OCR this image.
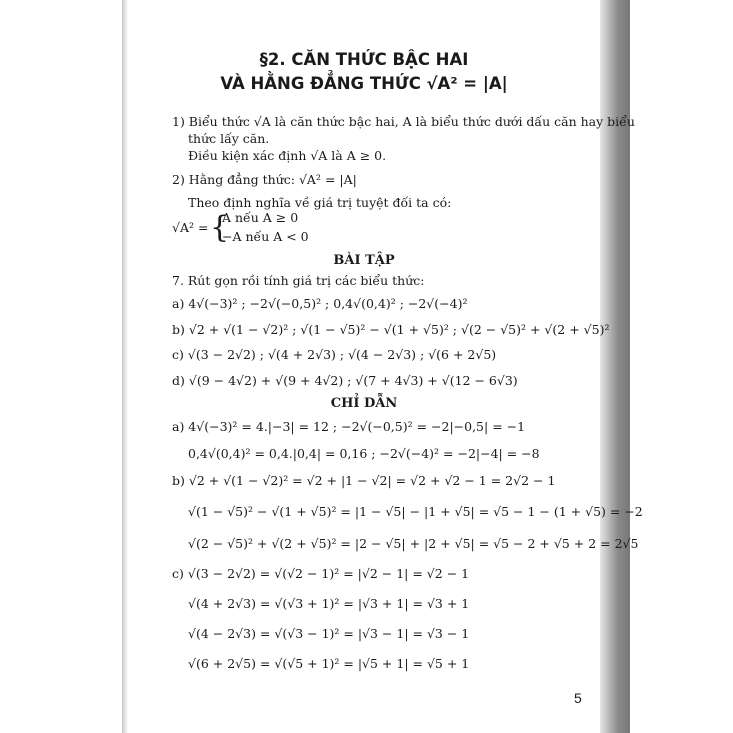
§2. CĂN THỨC BẬC HAI
VÀ HẰNG ĐẲNG THỨC √A² = |A|
1) Biểu thức √A là căn thức bậc hai, A là biểu thức dưới dấu căn hay biểu
thức lấy căn.
Điều kiện xác định √A là A ≥ 0.
2) Hằng đẳng thức: √A² = |A|
Theo định nghĩa về giá trị tuyệt đối ta có:
√A² = {
A nếu A ≥ 0
−A nếu A < 0
BÀI TẬP
7. Rút gọn rồi tính giá trị các biểu thức:
a) 4√(−3)² ; −2√(−0,5)² ; 0,4√(0,4)² ; −2√(−4)²
b) √2 + √(1 − √2)² ; √(1 − √5)² − √(1 + √5)² ; √(2 − √5)² + √(2 + √5)²
c) √(3 − 2√2) ; √(4 + 2√3) ; √(4 − 2√3) ; √(6 + 2√5)
d) √(9 − 4√2) + √(9 + 4√2) ; √(7 + 4√3) + √(12 − 6√3)
CHỈ DẪN
a) 4√(−3)² = 4.|−3| = 12 ; −2√(−0,5)² = −2|−0,5| = −1
0,4√(0,4)² = 0,4.|0,4| = 0,16 ; −2√(−4)² = −2|−4| = −8
b) √2 + √(1 − √2)² = √2 + |1 − √2| = √2 + √2 − 1 = 2√2 − 1
√(1 − √5)² − √(1 + √5)² = |1 − √5| − |1 + √5| = √5 − 1 − (1 + √5) = −2
√(2 − √5)² + √(2 + √5)² = |2 − √5| + |2 + √5| = √5 − 2 + √5 + 2 = 2√5
c) √(3 − 2√2) = √(√2 − 1)² = |√2 − 1| = √2 − 1
√(4 + 2√3) = √(√3 + 1)² = |√3 + 1| = √3 + 1
√(4 − 2√3) = √(√3 − 1)² = |√3 − 1| = √3 − 1
√(6 + 2√5) = √(√5 + 1)² = |√5 + 1| = √5 + 1
5
